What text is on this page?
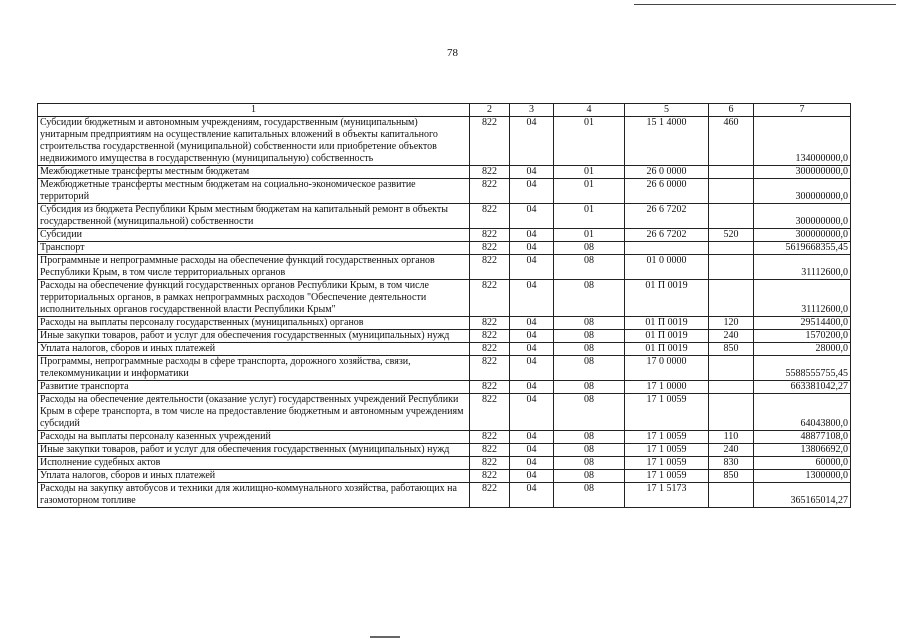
78
1	2	3	4	5	6	7
Субсидии бюджетным и автономным учреждениям, государственным (муниципальным) унитарным предприятиям на осуществление капитальных вложений в объекты капитального строительства государственной (муниципальной) собственности или приобретение объектов недвижимого имущества в государственную (муниципальную) собственность	822	04	01	15 1 4000	460	134000000,0
Межбюджетные трансферты местным бюджетам	822	04	01	26 0 0000		300000000,0
Межбюджетные трансферты местным бюджетам на социально-экономическое развитие территорий	822	04	01	26 6 0000		300000000,0
Субсидия из бюджета Республики Крым местным бюджетам на капитальный ремонт в объекты государственной (муниципальной) собственности	822	04	01	26 6 7202		300000000,0
Субсидии	822	04	01	26 6 7202	520	300000000,0
Транспорт	822	04	08			5619668355,45
Программные и непрограммные расходы на обеспечение функций государственных органов Республики Крым, в том числе территориальных органов	822	04	08	01 0 0000		31112600,0
Расходы на обеспечение функций государственных органов Республики Крым, в том числе территориальных органов, в рамках непрограммных расходов "Обеспечение деятельности исполнительных органов государственной власти Республики Крым"	822	04	08	01 П 0019		31112600,0
Расходы на выплаты персоналу государственных (муниципальных) органов	822	04	08	01 П 0019	120	29514400,0
Иные закупки товаров, работ и услуг для обеспечения государственных (муниципальных) нужд	822	04	08	01 П 0019	240	1570200,0
Уплата налогов, сборов и иных платежей	822	04	08	01 П 0019	850	28000,0
Программы, непрограммные расходы в сфере транспорта, дорожного хозяйства, связи, телекоммуникации и информатики	822	04	08	17 0 0000		5588555755,45
Развитие транспорта	822	04	08	17 1 0000		663381042,27
Расходы на обеспечение деятельности (оказание услуг) государственных учреждений Республики Крым в сфере транспорта, в том числе на предоставление бюджетным и автономным учреждениям субсидий	822	04	08	17 1 0059		64043800,0
Расходы на выплаты персоналу казенных учреждений	822	04	08	17 1 0059	110	48877108,0
Иные закупки товаров, работ и услуг для обеспечения государственных (муниципальных) нужд	822	04	08	17 1 0059	240	13806692,0
Исполнение судебных актов	822	04	08	17 1 0059	830	60000,0
Уплата налогов, сборов и иных платежей	822	04	08	17 1 0059	850	1300000,0
Расходы на закупку автобусов и техники для жилищно-коммунального хозяйства, работающих на газомоторном топливе	822	04	08	17 1 5173		365165014,27
